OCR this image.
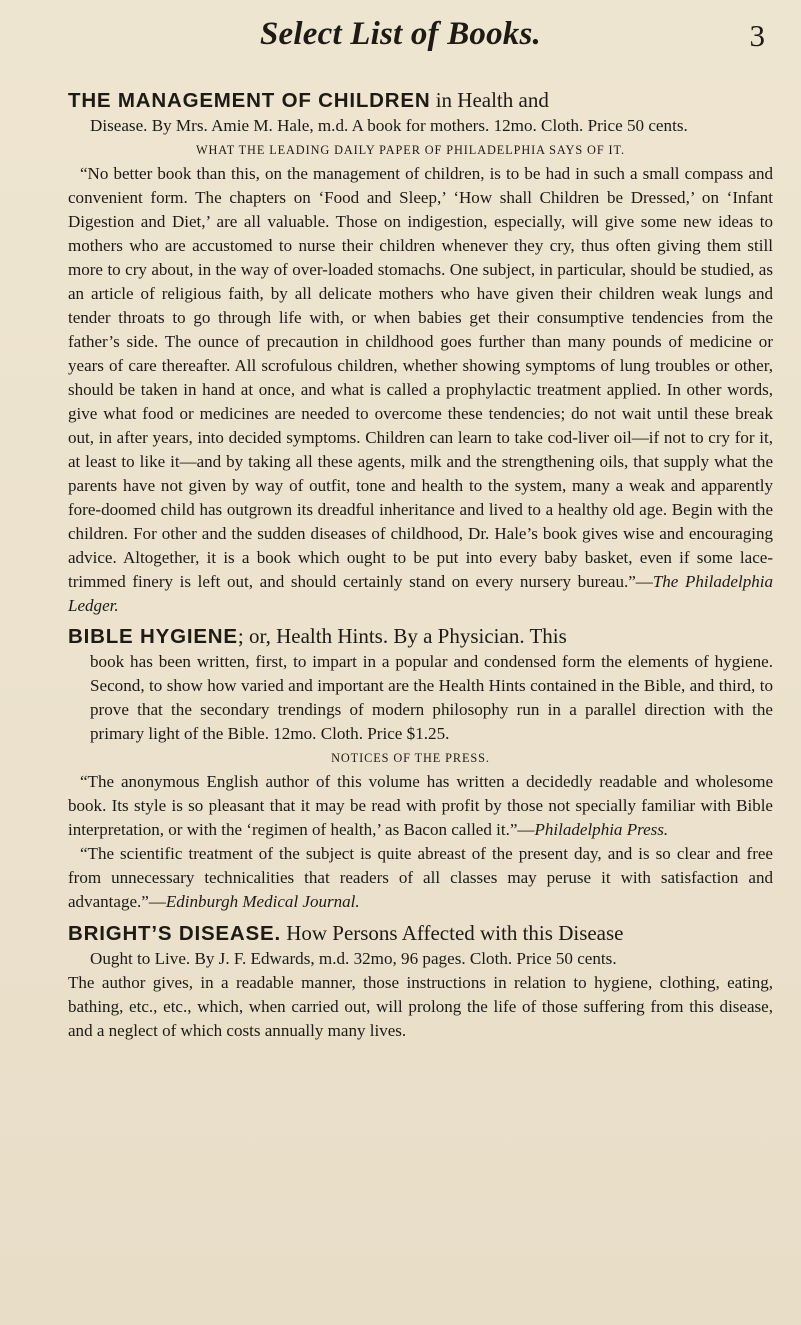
Select List of Books.	3

THE MANAGEMENT OF CHILDREN in Health and

Disease. By Mrs. Amie M. Hale, m.d. A book for mothers. 12mo. Cloth. Price 50 cents.

WHAT THE LEADING DAILY PAPER OF PHILADELPHIA SAYS OF IT.

“No better book than this, on the management of children, is to be had in such a small compass and convenient form. The chapters on ‘Food and Sleep,’ ‘How shall Children be Dressed,’ on ‘Infant Digestion and Diet,’ are all valuable. Those on indigestion, especially, will give some new ideas to mothers who are accustomed to nurse their children whenever they cry, thus often giving them still more to cry about, in the way of over-loaded stomachs. One subject, in particular, should be studied, as an article of religious faith, by all delicate mothers who have given their children weak lungs and tender throats to go through life with, or when babies get their consumptive tendencies from the father’s side. The ounce of precaution in childhood goes further than many pounds of medicine or years of care thereafter. All scrofulous children, whether showing symptoms of lung troubles or other, should be taken in hand at once, and what is called a prophylactic treatment applied. In other words, give what food or medicines are needed to overcome these tendencies; do not wait until these break out, in after years, into decided symptoms. Children can learn to take cod-liver oil—if not to cry for it, at least to like it—and by taking all these agents, milk and the strengthening oils, that supply what the parents have not given by way of outfit, tone and health to the system, many a weak and apparently fore-doomed child has outgrown its dreadful inheritance and lived to a healthy old age. Begin with the children. For other and the sudden diseases of childhood, Dr. Hale’s book gives wise and encouraging advice. Altogether, it is a book which ought to be put into every baby basket, even if some lace-trimmed finery is left out, and should certainly stand on every nursery bureau.”—The Philadelphia Ledger.

BIBLE HYGIENE; or, Health Hints. By a Physician. This

book has been written, first, to impart in a popular and condensed form the elements of hygiene. Second, to show how varied and important are the Health Hints contained in the Bible, and third, to prove that the secondary trendings of modern philosophy run in a parallel direction with the primary light of the Bible. 12mo. Cloth. Price $1.25.

NOTICES OF THE PRESS.

“The anonymous English author of this volume has written a decidedly readable and wholesome book. Its style is so pleasant that it may be read with profit by those not specially familiar with Bible interpretation, or with the ‘regimen of health,’ as Bacon called it.”—Philadelphia Press.

“The scientific treatment of the subject is quite abreast of the present day, and is so clear and free from unnecessary technicalities that readers of all classes may peruse it with satisfaction and advantage.”—Edinburgh Medical Journal.

BRIGHT’S DISEASE. How Persons Affected with this Disease

Ought to Live. By J. F. Edwards, m.d. 32mo, 96 pages. Cloth. Price 50 cents.

The author gives, in a readable manner, those instructions in relation to hygiene, clothing, eating, bathing, etc., etc., which, when carried out, will prolong the life of those suffering from this disease, and a neglect of which costs annually many lives.
